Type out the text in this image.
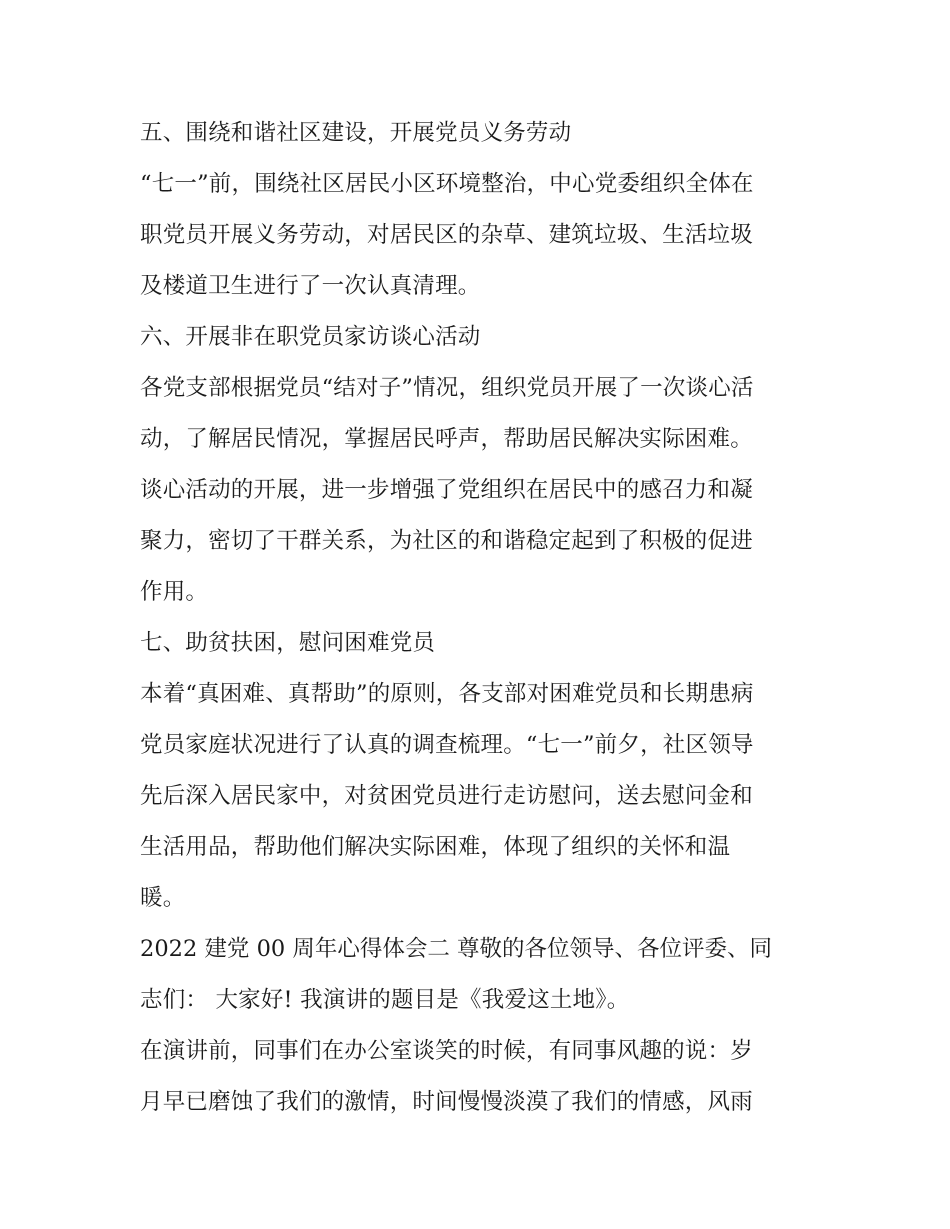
五、围绕和谐社区建设，开展党员义务劳动
“七一”前，围绕社区居民小区环境整治，中心党委组织全体在
职党员开展义务劳动，对居民区的杂草、建筑垃圾、生活垃圾
及楼道卫生进行了一次认真清理。
六、开展非在职党员家访谈心活动
各党支部根据党员“结对子”情况，组织党员开展了一次谈心活
动，了解居民情况，掌握居民呼声，帮助居民解决实际困难。
谈心活动的开展，进一步增强了党组织在居民中的感召力和凝
聚力，密切了干群关系，为社区的和谐稳定起到了积极的促进
作用。
七、助贫扶困，慰问困难党员
本着“真困难、真帮助”的原则，各支部对困难党员和长期患病
党员家庭状况进行了认真的调查梳理。“七一”前夕，社区领导
先后深入居民家中，对贫困党员进行走访慰问，送去慰问金和
生活用品，帮助他们解决实际困难，体现了组织的关怀和温
暖。
2022 建党 00 周年心得体会二 尊敬的各位领导、各位评委、同
志们： 大家好! 我演讲的题目是《我爱这土地》。
在演讲前，同事们在办公室谈笑的时候，有同事风趣的说：岁
月早已磨蚀了我们的激情，时间慢慢淡漠了我们的情感，风雨
